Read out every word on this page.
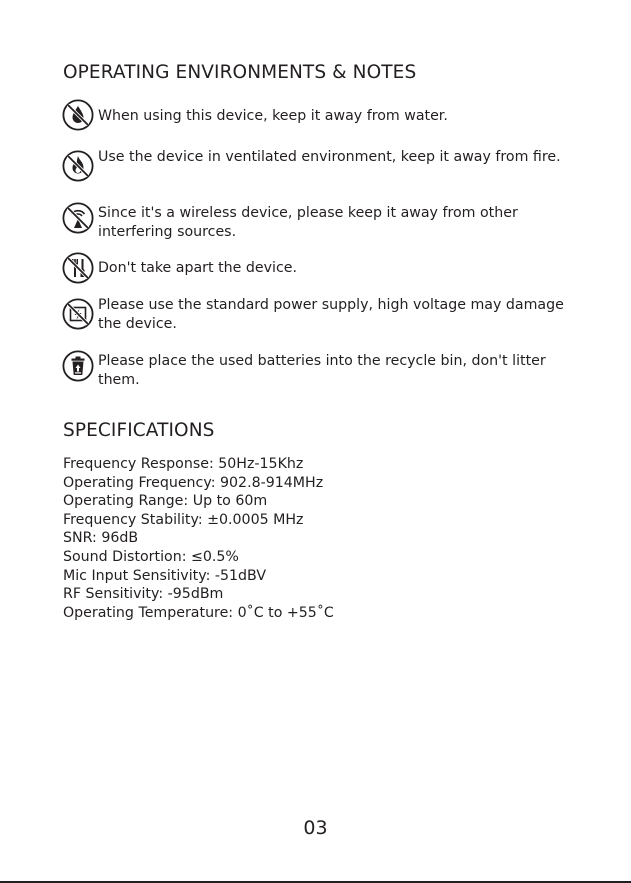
OPERATING ENVIRONMENTS & NOTES

When using this device, keep it away from water.

Use the device in ventilated environment, keep it away from fire.

Since it's a wireless device, please keep it away from other interfering sources.

Don't take apart the device.

Please use the standard power supply, high voltage may damage the device.

Please place the used batteries into the recycle bin, don't litter them.

SPECIFICATIONS
Frequency Response: 50Hz-15Khz
Operating Frequency: 902.8-914MHz
Operating Range: Up to 60m
Frequency Stability: ±0.0005 MHz
SNR: 96dB
Sound Distortion: ≤0.5%
Mic Input Sensitivity: -51dBV
RF Sensitivity: -95dBm
Operating Temperature: 0˚C to +55˚C
03
